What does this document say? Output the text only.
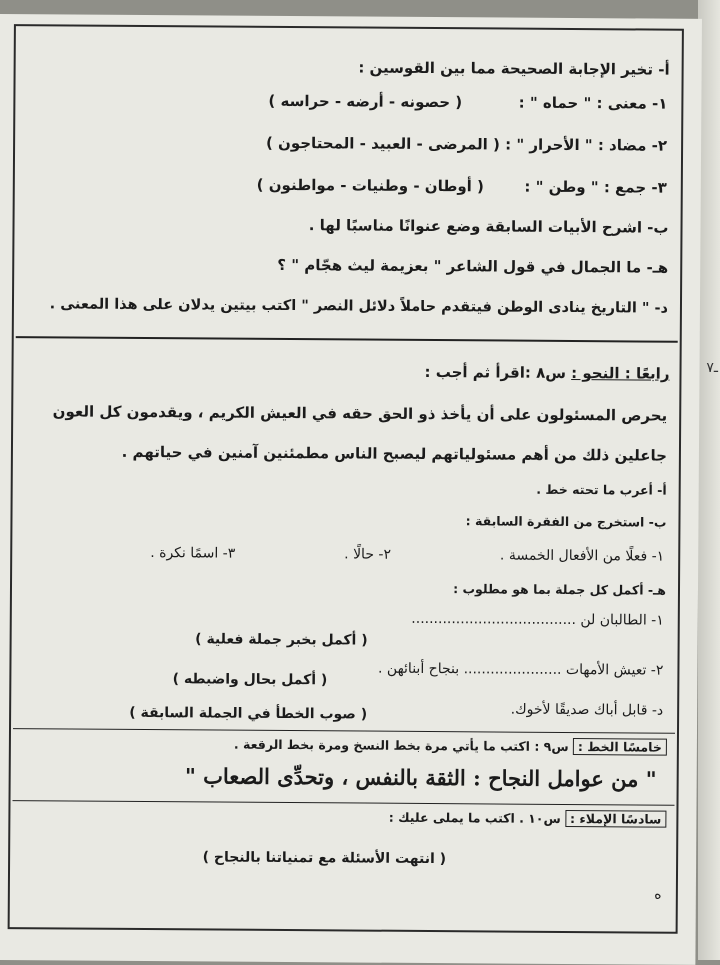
ـ٧
أ- تخير الإجابة الصحيحة مما بين القوسين :
١- معنى : " حماه " :  ( حصونه - أرضه - حراسه )
٢- مضاد : " الأحرار " : ( المرضى - العبيد - المحتاجون )
٣- جمع : " وطن " :  ( أوطان - وطنيات - مواطنون )
ب- اشرح الأبيات السابقة وضع عنوانًا مناسبًا لها .
هـ- ما الجمال في قول الشاعر " بعزيمة ليث هجّام " ؟
د- " التاريخ ينادى الوطن فيتقدم حاملاً دلائل النصر " اكتب بيتين يدلان على هذا المعنى .
رابعًا : النحو : س٨ :اقرأ ثم أجب :
يحرص المسئولون على أن يأخذ ذو الحق حقه في العيش الكريم ، ويقدمون كل العون
جاعلين ذلك من أهم مسئولياتهم ليصبح الناس مطمئنين آمنين في حياتهم .
أ- أعرب ما تحته خط .
ب- استخرج من الفقرة السابقة :
١- فعلًا من الأفعال الخمسة .  ٢- حالًا .  ٣- اسمًا نكرة .
هـ- أكمل كل جملة بما هو مطلوب :
١- الطالبان لن .....................................
( أكمل بخبر جملة فعلية )
٢- تعيش الأمهات ...................... بنجاح أبنائهن .
( أكمل بحال واضبطه )
د- قابل أباك صديقًا لأخوك.
( صوب الخطأ في الجملة السابقة )
خامسًا الخط : س٩ : اكتب ما يأتي مرة بخط النسخ ومرة بخط الرقعة .
" من عوامل النجاح : الثقة بالنفس ، وتحدِّى الصعاب "
سادسًا الإملاء : س١٠ . اكتب ما يملى عليك :
( انتهت الأسئلة مع تمنياتنا بالنجاح )
ه
